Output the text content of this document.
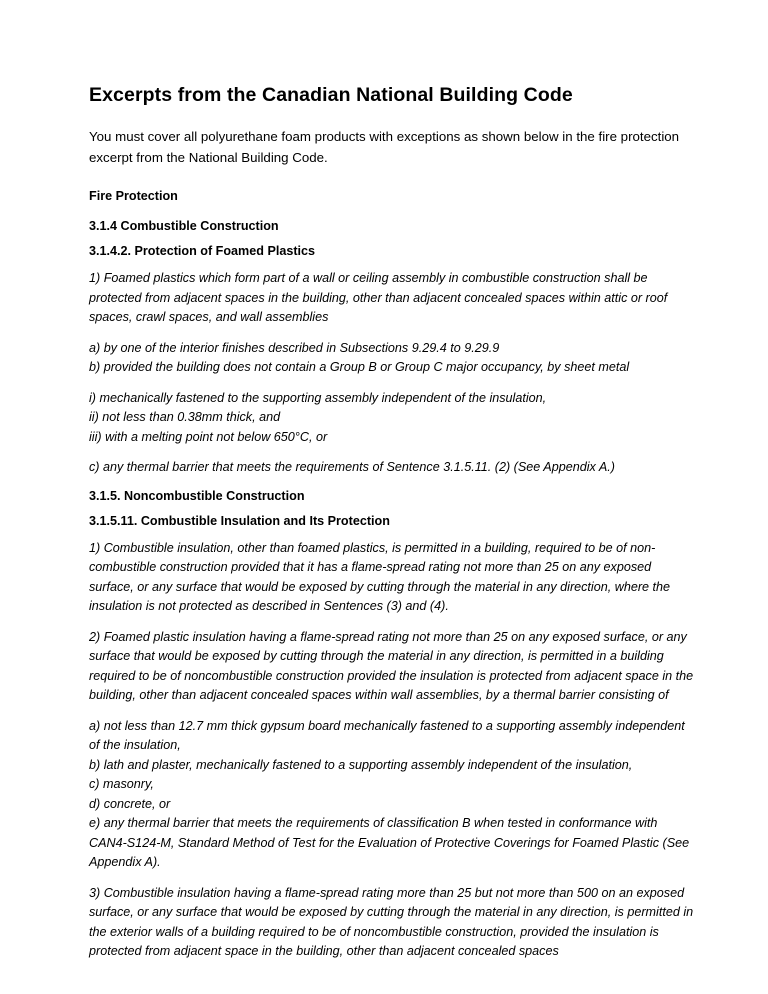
Excerpts from the Canadian National Building Code

You must cover all polyurethane foam products with exceptions as shown below in the fire protection excerpt from the National Building Code.

Fire Protection

3.1.4 Combustible Construction

3.1.4.2. Protection of Foamed Plastics

1) Foamed plastics which form part of a wall or ceiling assembly in combustible construction shall be protected from adjacent spaces in the building, other than adjacent concealed spaces within attic or roof spaces, crawl spaces, and wall assemblies

a) by one of the interior finishes described in Subsections 9.29.4 to 9.29.9
b) provided the building does not contain a Group B or Group C major occupancy, by sheet metal
i) mechanically fastened to the supporting assembly independent of the insulation,
ii) not less than 0.38mm thick, and
iii) with a melting point not below 650°C, or

c) any thermal barrier that meets the requirements of Sentence 3.1.5.11. (2) (See Appendix A.)

3.1.5. Noncombustible Construction

3.1.5.11. Combustible Insulation and Its Protection

1) Combustible insulation, other than foamed plastics, is permitted in a building, required to be of non-combustible construction provided that it has a flame-spread rating not more than 25 on any exposed surface, or any surface that would be exposed by cutting through the material in any direction, where the insulation is not protected as described in Sentences (3) and (4).

2) Foamed plastic insulation having a flame-spread rating not more than 25 on any exposed surface, or any surface that would be exposed by cutting through the material in any direction, is permitted in a building required to be of noncombustible construction provided the insulation is protected from adjacent space in the building, other than adjacent concealed spaces within wall assemblies, by a thermal barrier consisting of

a) not less than 12.7 mm thick gypsum board mechanically fastened to a supporting assembly independent of the insulation,
b) lath and plaster, mechanically fastened to a supporting assembly independent of the insulation,
c) masonry,
d) concrete, or
e) any thermal barrier that meets the requirements of classification B when tested in conformance with CAN4-S124-M, Standard Method of Test for the Evaluation of Protective Coverings for Foamed Plastic (See Appendix A).

3) Combustible insulation having a flame-spread rating more than 25 but not more than 500 on an exposed surface, or any surface that would be exposed by cutting through the material in any direction, is permitted in the exterior walls of a building required to be of noncombustible construction, provided the insulation is protected from adjacent space in the building, other than adjacent concealed spaces
